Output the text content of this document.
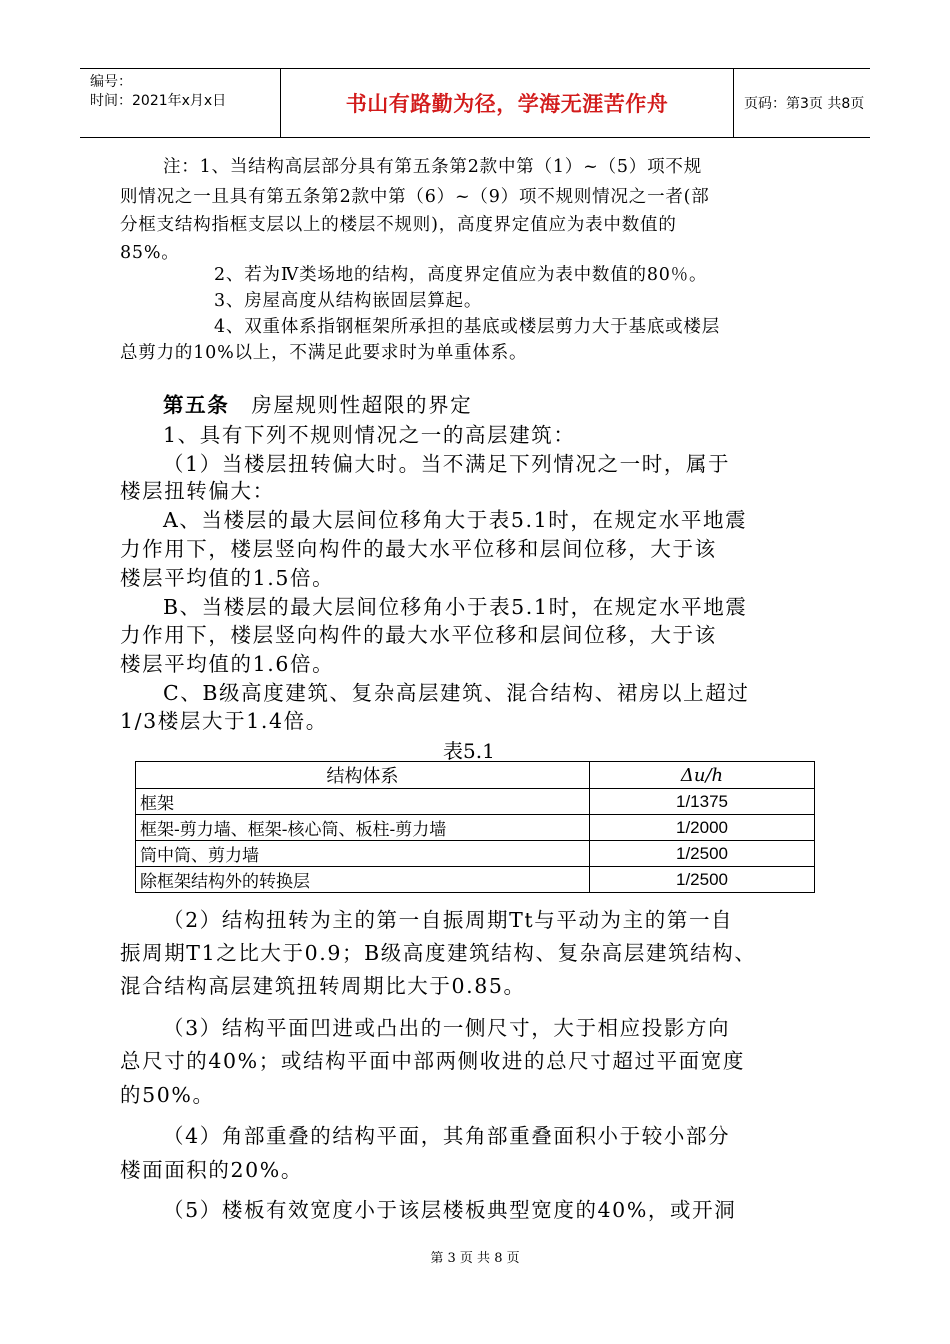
编号：
时间：2021年x月x日	书山有路勤为径，学海无涯苦作舟	页码：第3页 共8页
注：1、当结构高层部分具有第五条第2款中第（1）~（5）项不规
则情况之一且具有第五条第2款中第（6）~（9）项不规则情况之一者(部
分框支结构指框支层以上的楼层不规则)，高度界定值应为表中数值的
85%。
2、若为Ⅳ类场地的结构，高度界定值应为表中数值的80％。
3、房屋高度从结构嵌固层算起。
4、双重体系指钢框架所承担的基底或楼层剪力大于基底或楼层
总剪力的10%以上，不满足此要求时为单重体系。
第五条 房屋规则性超限的界定
1、具有下列不规则情况之一的高层建筑：
（1）当楼层扭转偏大时。当不满足下列情况之一时，属于
楼层扭转偏大：
A、当楼层的最大层间位移角大于表5.1时，在规定水平地震
力作用下，楼层竖向构件的最大水平位移和层间位移，大于该
楼层平均值的1.5倍。
B、当楼层的最大层间位移角小于表5.1时，在规定水平地震
力作用下，楼层竖向构件的最大水平位移和层间位移，大于该
楼层平均值的1.6倍。
C、B级高度建筑、复杂高层建筑、混合结构、裙房以上超过
1/3楼层大于1.4倍。
表5.1
结构体系	Δu/h
框架	1/1375
框架-剪力墙、框架-核心筒、板柱-剪力墙	1/2000
筒中筒、剪力墙	1/2500
除框架结构外的转换层	1/2500
（2）结构扭转为主的第一自振周期Tt与平动为主的第一自
振周期T1之比大于0.9；B级高度建筑结构、复杂高层建筑结构、
混合结构高层建筑扭转周期比大于0.85。
（3）结构平面凹进或凸出的一侧尺寸，大于相应投影方向
总尺寸的40%；或结构平面中部两侧收进的总尺寸超过平面宽度
的50%。
（4）角部重叠的结构平面，其角部重叠面积小于较小部分
楼面面积的20%。
（5）楼板有效宽度小于该层楼板典型宽度的40%，或开洞
第 3 页 共 8 页
